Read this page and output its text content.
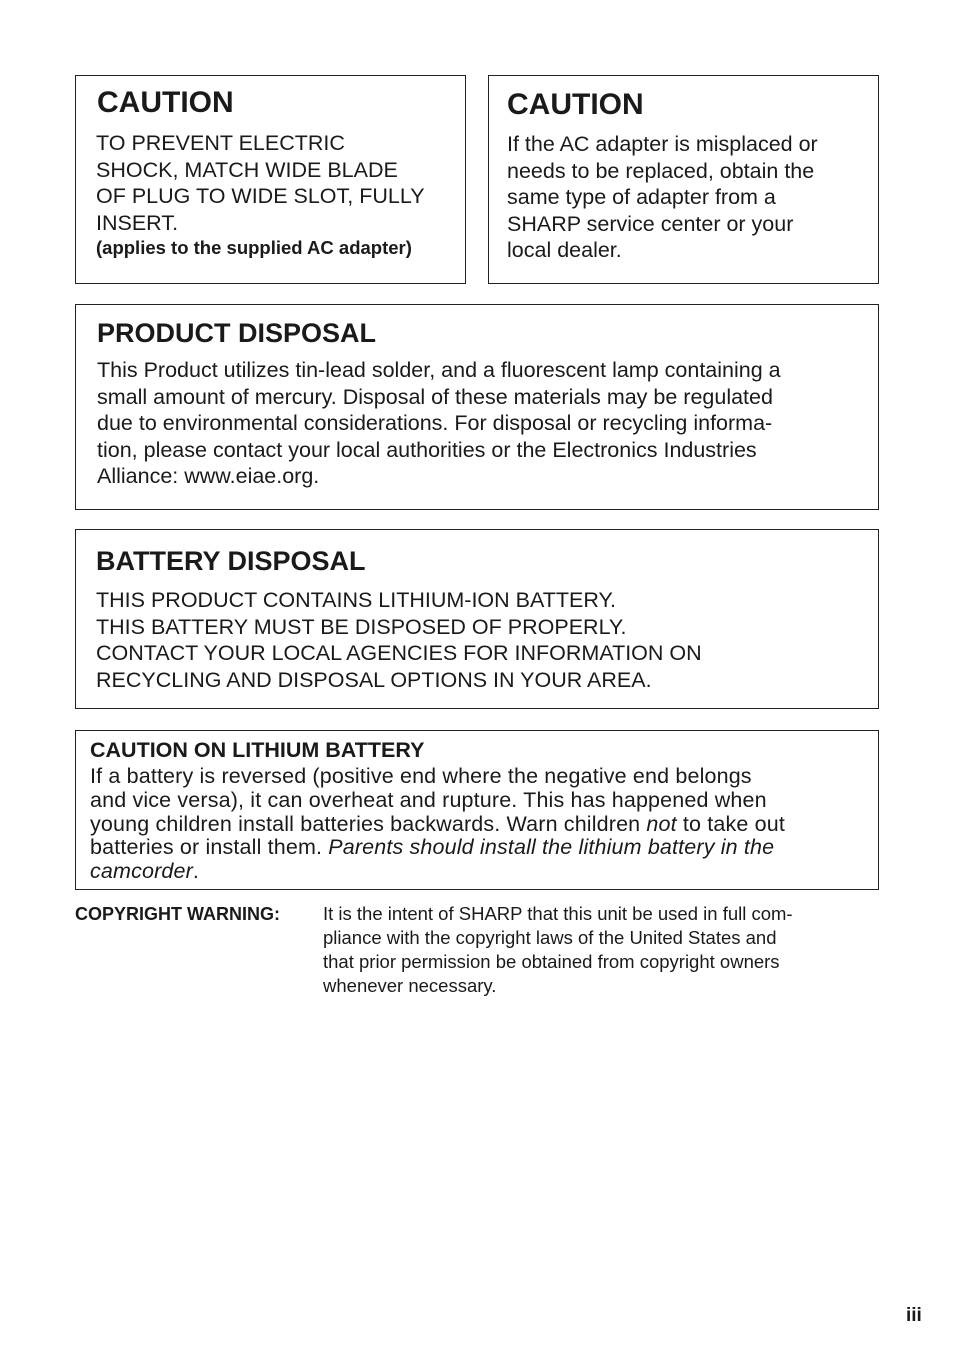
CAUTION
TO PREVENT ELECTRIC
SHOCK, MATCH WIDE BLADE
OF PLUG TO WIDE SLOT, FULLY
INSERT.
(applies to the supplied AC adapter)
CAUTION
If the AC adapter is misplaced or
needs to be replaced, obtain the
same type of adapter from a
SHARP service center or your
local dealer.
PRODUCT DISPOSAL
This Product utilizes tin-lead solder, and a fluorescent lamp containing a
small amount of mercury. Disposal of these materials may be regulated
due to environmental considerations. For disposal or recycling informa-
tion, please contact your local authorities or the Electronics Industries
Alliance: www.eiae.org.
BATTERY DISPOSAL
THIS PRODUCT CONTAINS LITHIUM-ION BATTERY.
THIS BATTERY MUST BE DISPOSED OF PROPERLY.
CONTACT YOUR LOCAL AGENCIES FOR INFORMATION ON
RECYCLING AND DISPOSAL OPTIONS IN YOUR AREA.
CAUTION ON LITHIUM BATTERY
If a battery is reversed (positive end where the negative end belongs
and vice versa), it can overheat and rupture. This has happened when
young children install batteries backwards. Warn children not to take out
batteries or install them. Parents should install the lithium battery in the
camcorder.
COPYRIGHT WARNING: It is the intent of SHARP that this unit be used in full com-
pliance with the copyright laws of the United States and
that prior permission be obtained from copyright owners
whenever necessary.
iii
